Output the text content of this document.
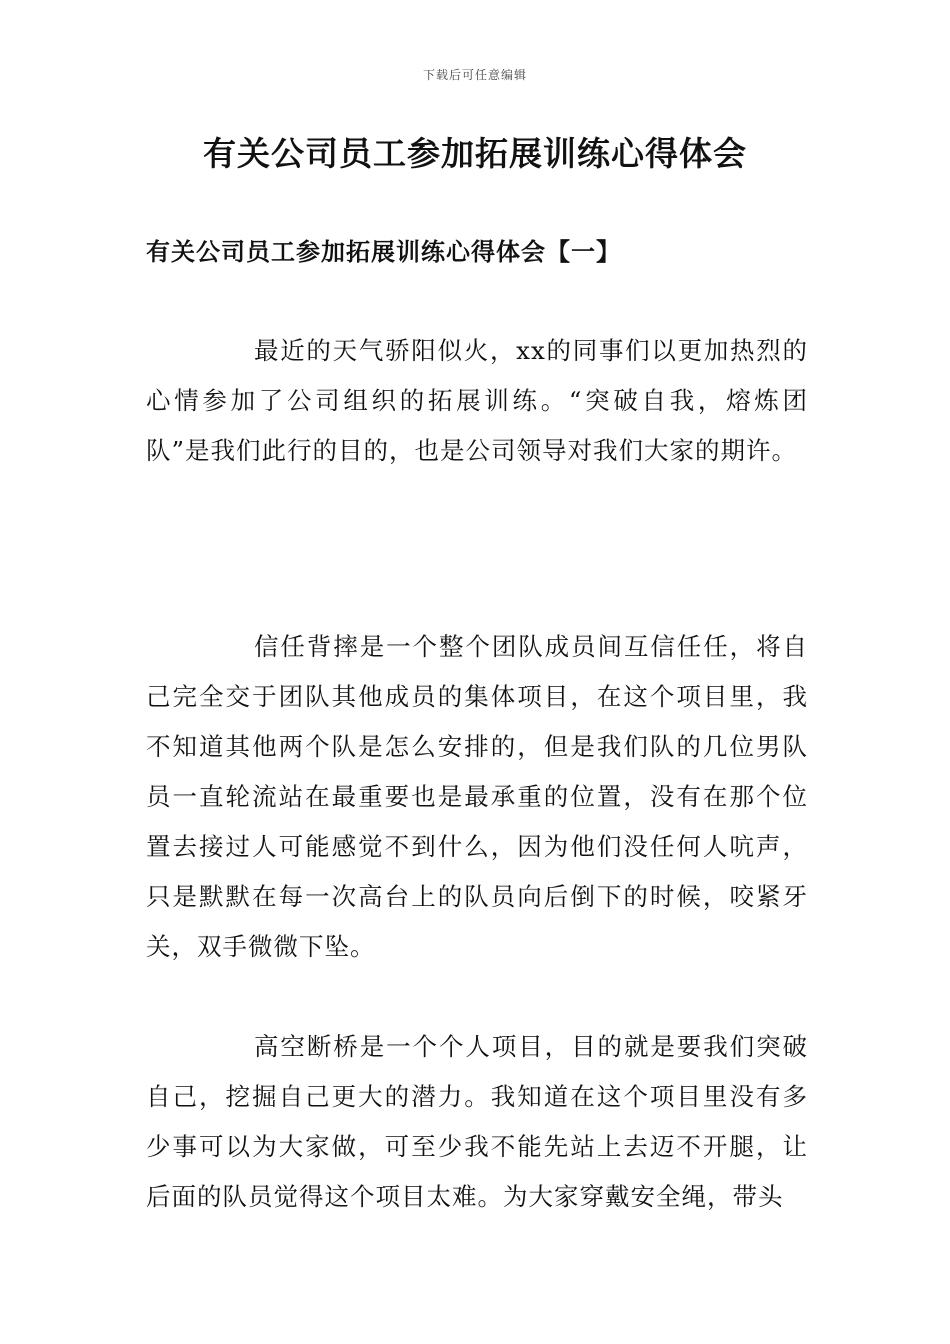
下载后可任意编辑
有关公司员工参加拓展训练心得体会
有关公司员工参加拓展训练心得体会【一】

最近的天气骄阳似火，xx的同事们以更加热烈的心情参加了公司组织的拓展训练。“突破自我，熔炼团队”是我们此行的目的，也是公司领导对我们大家的期许。

信任背摔是一个整个团队成员间互信任任，将自己完全交于团队其他成员的集体项目，在这个项目里，我不知道其他两个队是怎么安排的，但是我们队的几位男队员一直轮流站在最重要也是最承重的位置，没有在那个位置去接过人可能感觉不到什么，因为他们没任何人吭声，只是默默在每一次高台上的队员向后倒下的时候，咬紧牙关，双手微微下坠。

高空断桥是一个个人项目，目的就是要我们突破自己，挖掘自己更大的潜力。我知道在这个项目里没有多少事可以为大家做，可至少我不能先站上去迈不开腿，让后面的队员觉得这个项目太难。为大家穿戴安全绳，带头
